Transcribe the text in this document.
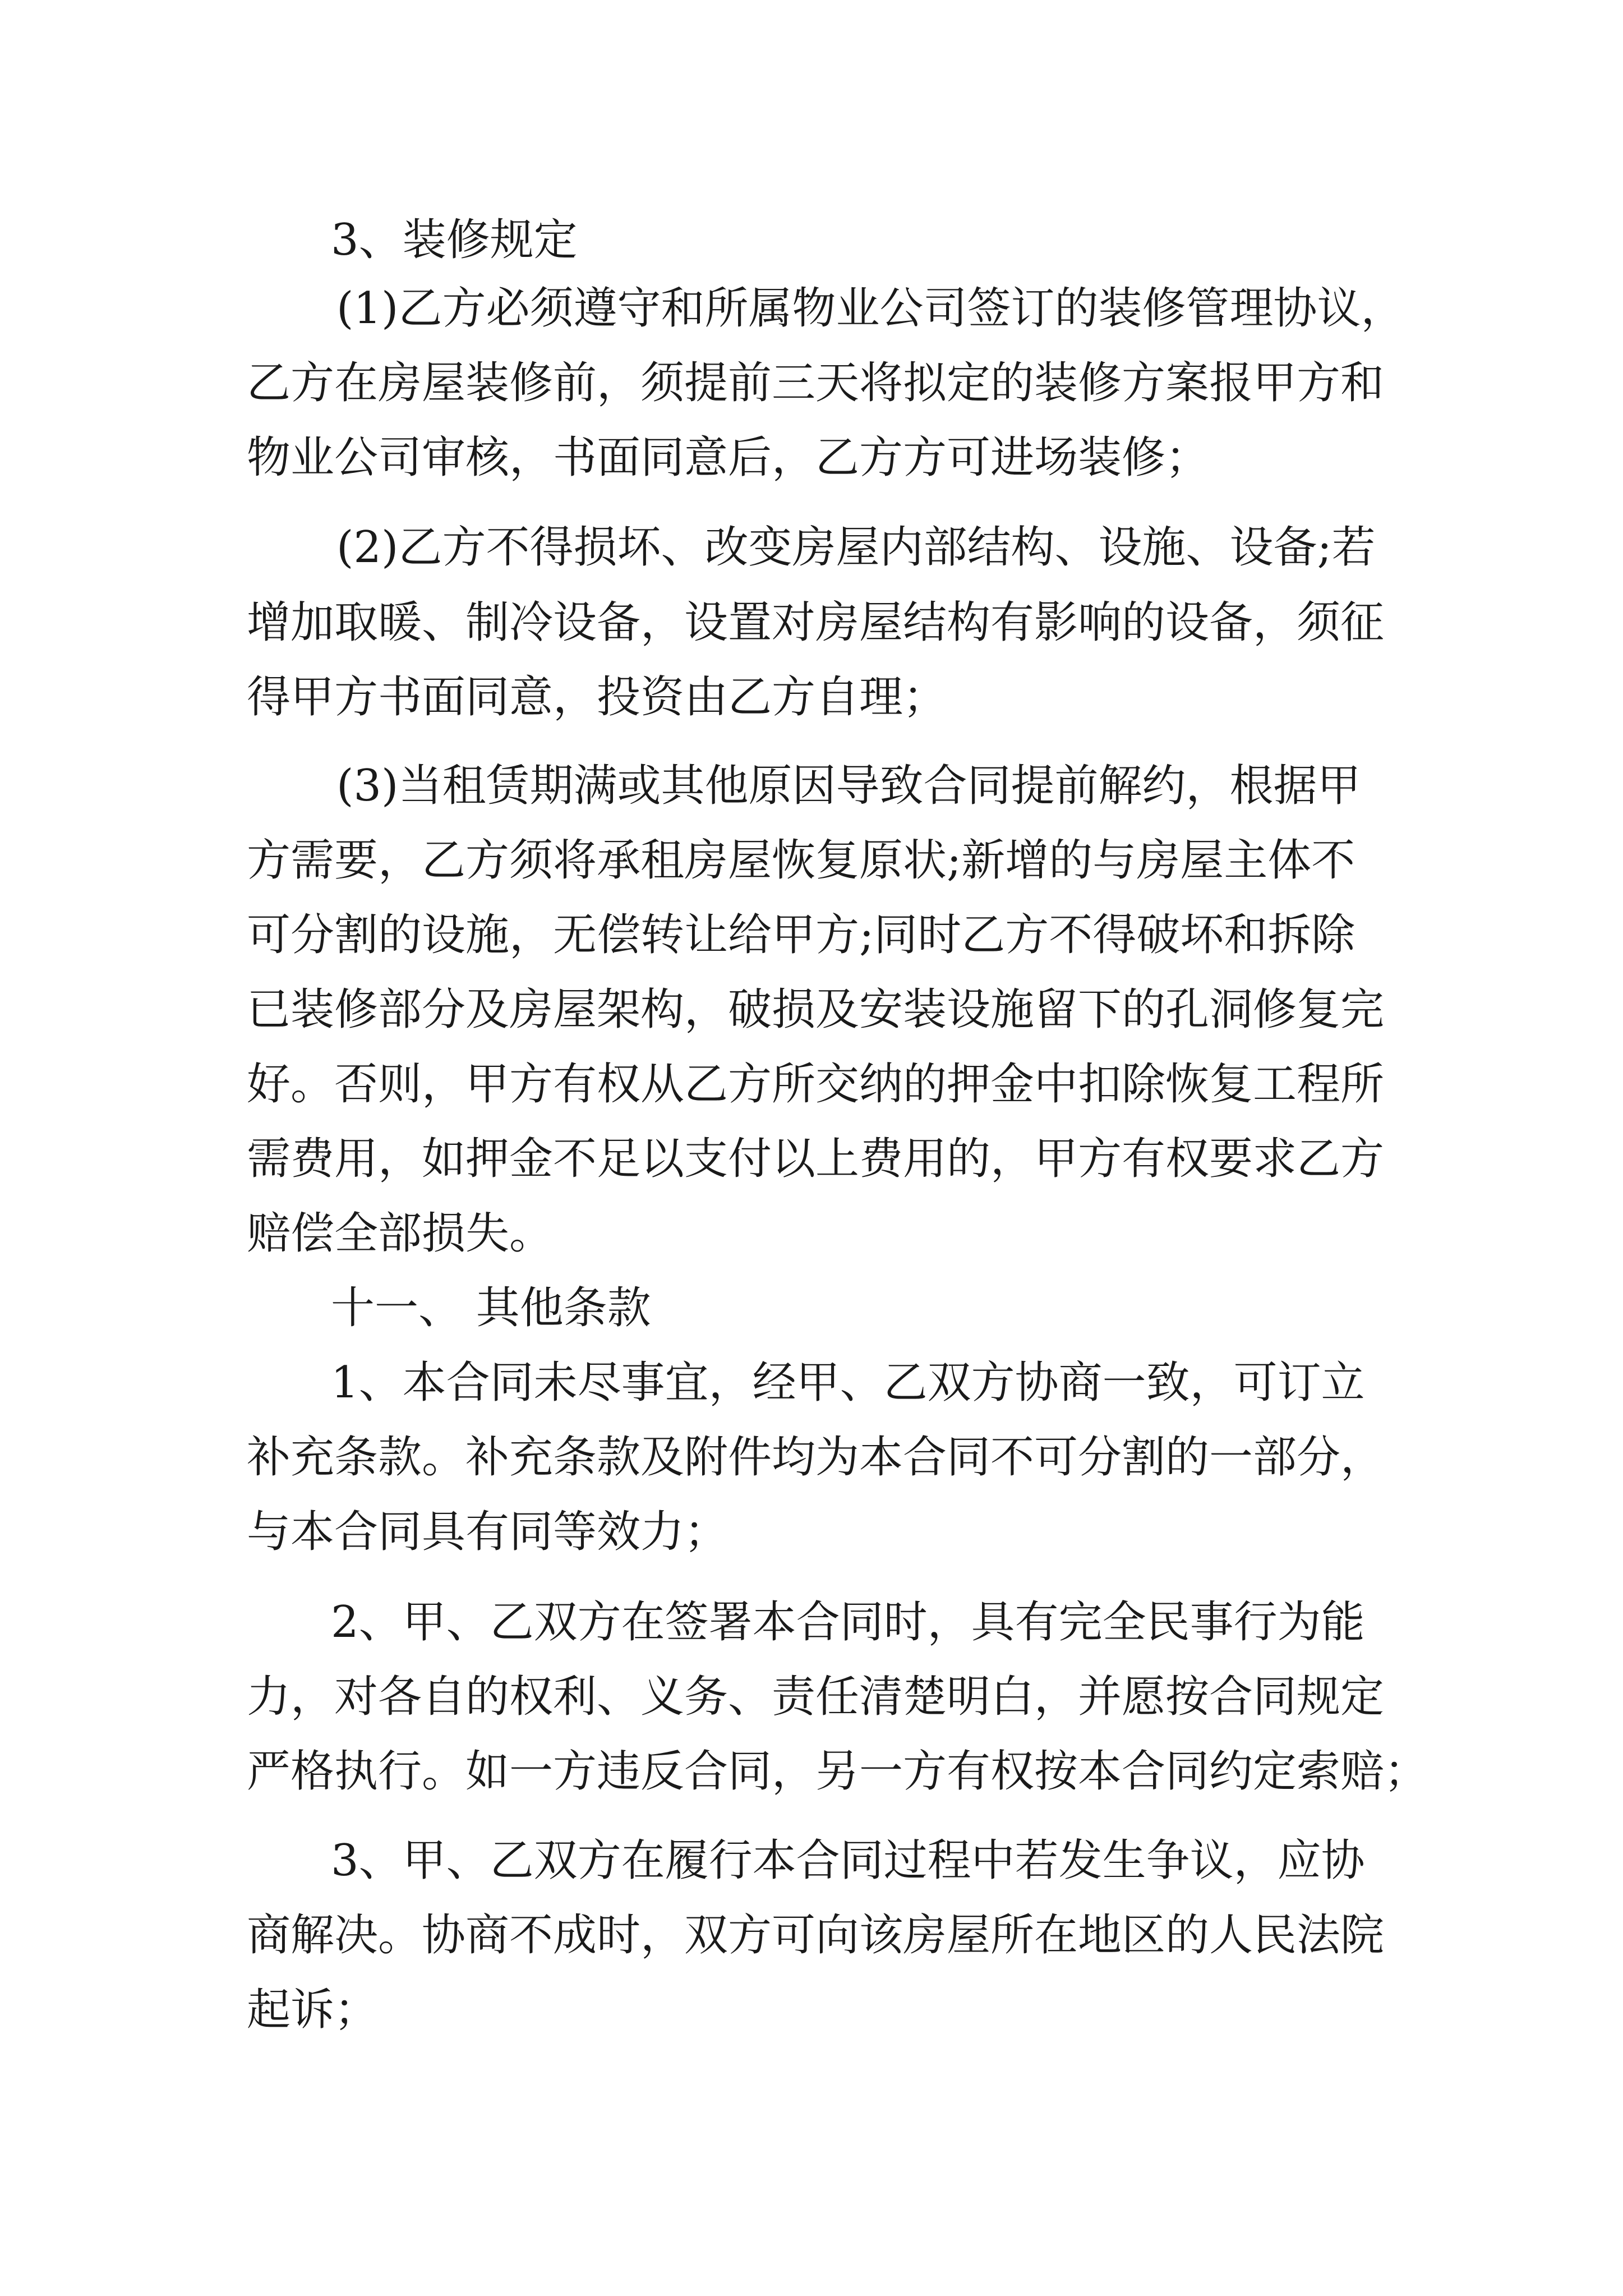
3、装修规定

(1)乙方必须遵守和所属物业公司签订的装修管理协议，

乙方在房屋装修前，须提前三天将拟定的装修方案报甲方和

物业公司审核，书面同意后，乙方方可进场装修；

(2)乙方不得损坏、改变房屋内部结构、设施、设备;若

增加取暖、制冷设备，设置对房屋结构有影响的设备，须征

得甲方书面同意，投资由乙方自理；

(3)当租赁期满或其他原因导致合同提前解约，根据甲

方需要，乙方须将承租房屋恢复原状;新增的与房屋主体不

可分割的设施，无偿转让给甲方;同时乙方不得破坏和拆除

已装修部分及房屋架构，破损及安装设施留下的孔洞修复完

好。否则，甲方有权从乙方所交纳的押金中扣除恢复工程所

需费用，如押金不足以支付以上费用的，甲方有权要求乙方

赔偿全部损失。

十一、 其他条款

1、本合同未尽事宜，经甲、乙双方协商一致，可订立

补充条款。补充条款及附件均为本合同不可分割的一部分，

与本合同具有同等效力；

2、甲、乙双方在签署本合同时，具有完全民事行为能

力，对各自的权利、义务、责任清楚明白，并愿按合同规定

严格执行。如一方违反合同，另一方有权按本合同约定索赔；

3、甲、乙双方在履行本合同过程中若发生争议，应协

商解决。协商不成时，双方可向该房屋所在地区的人民法院

起诉；
